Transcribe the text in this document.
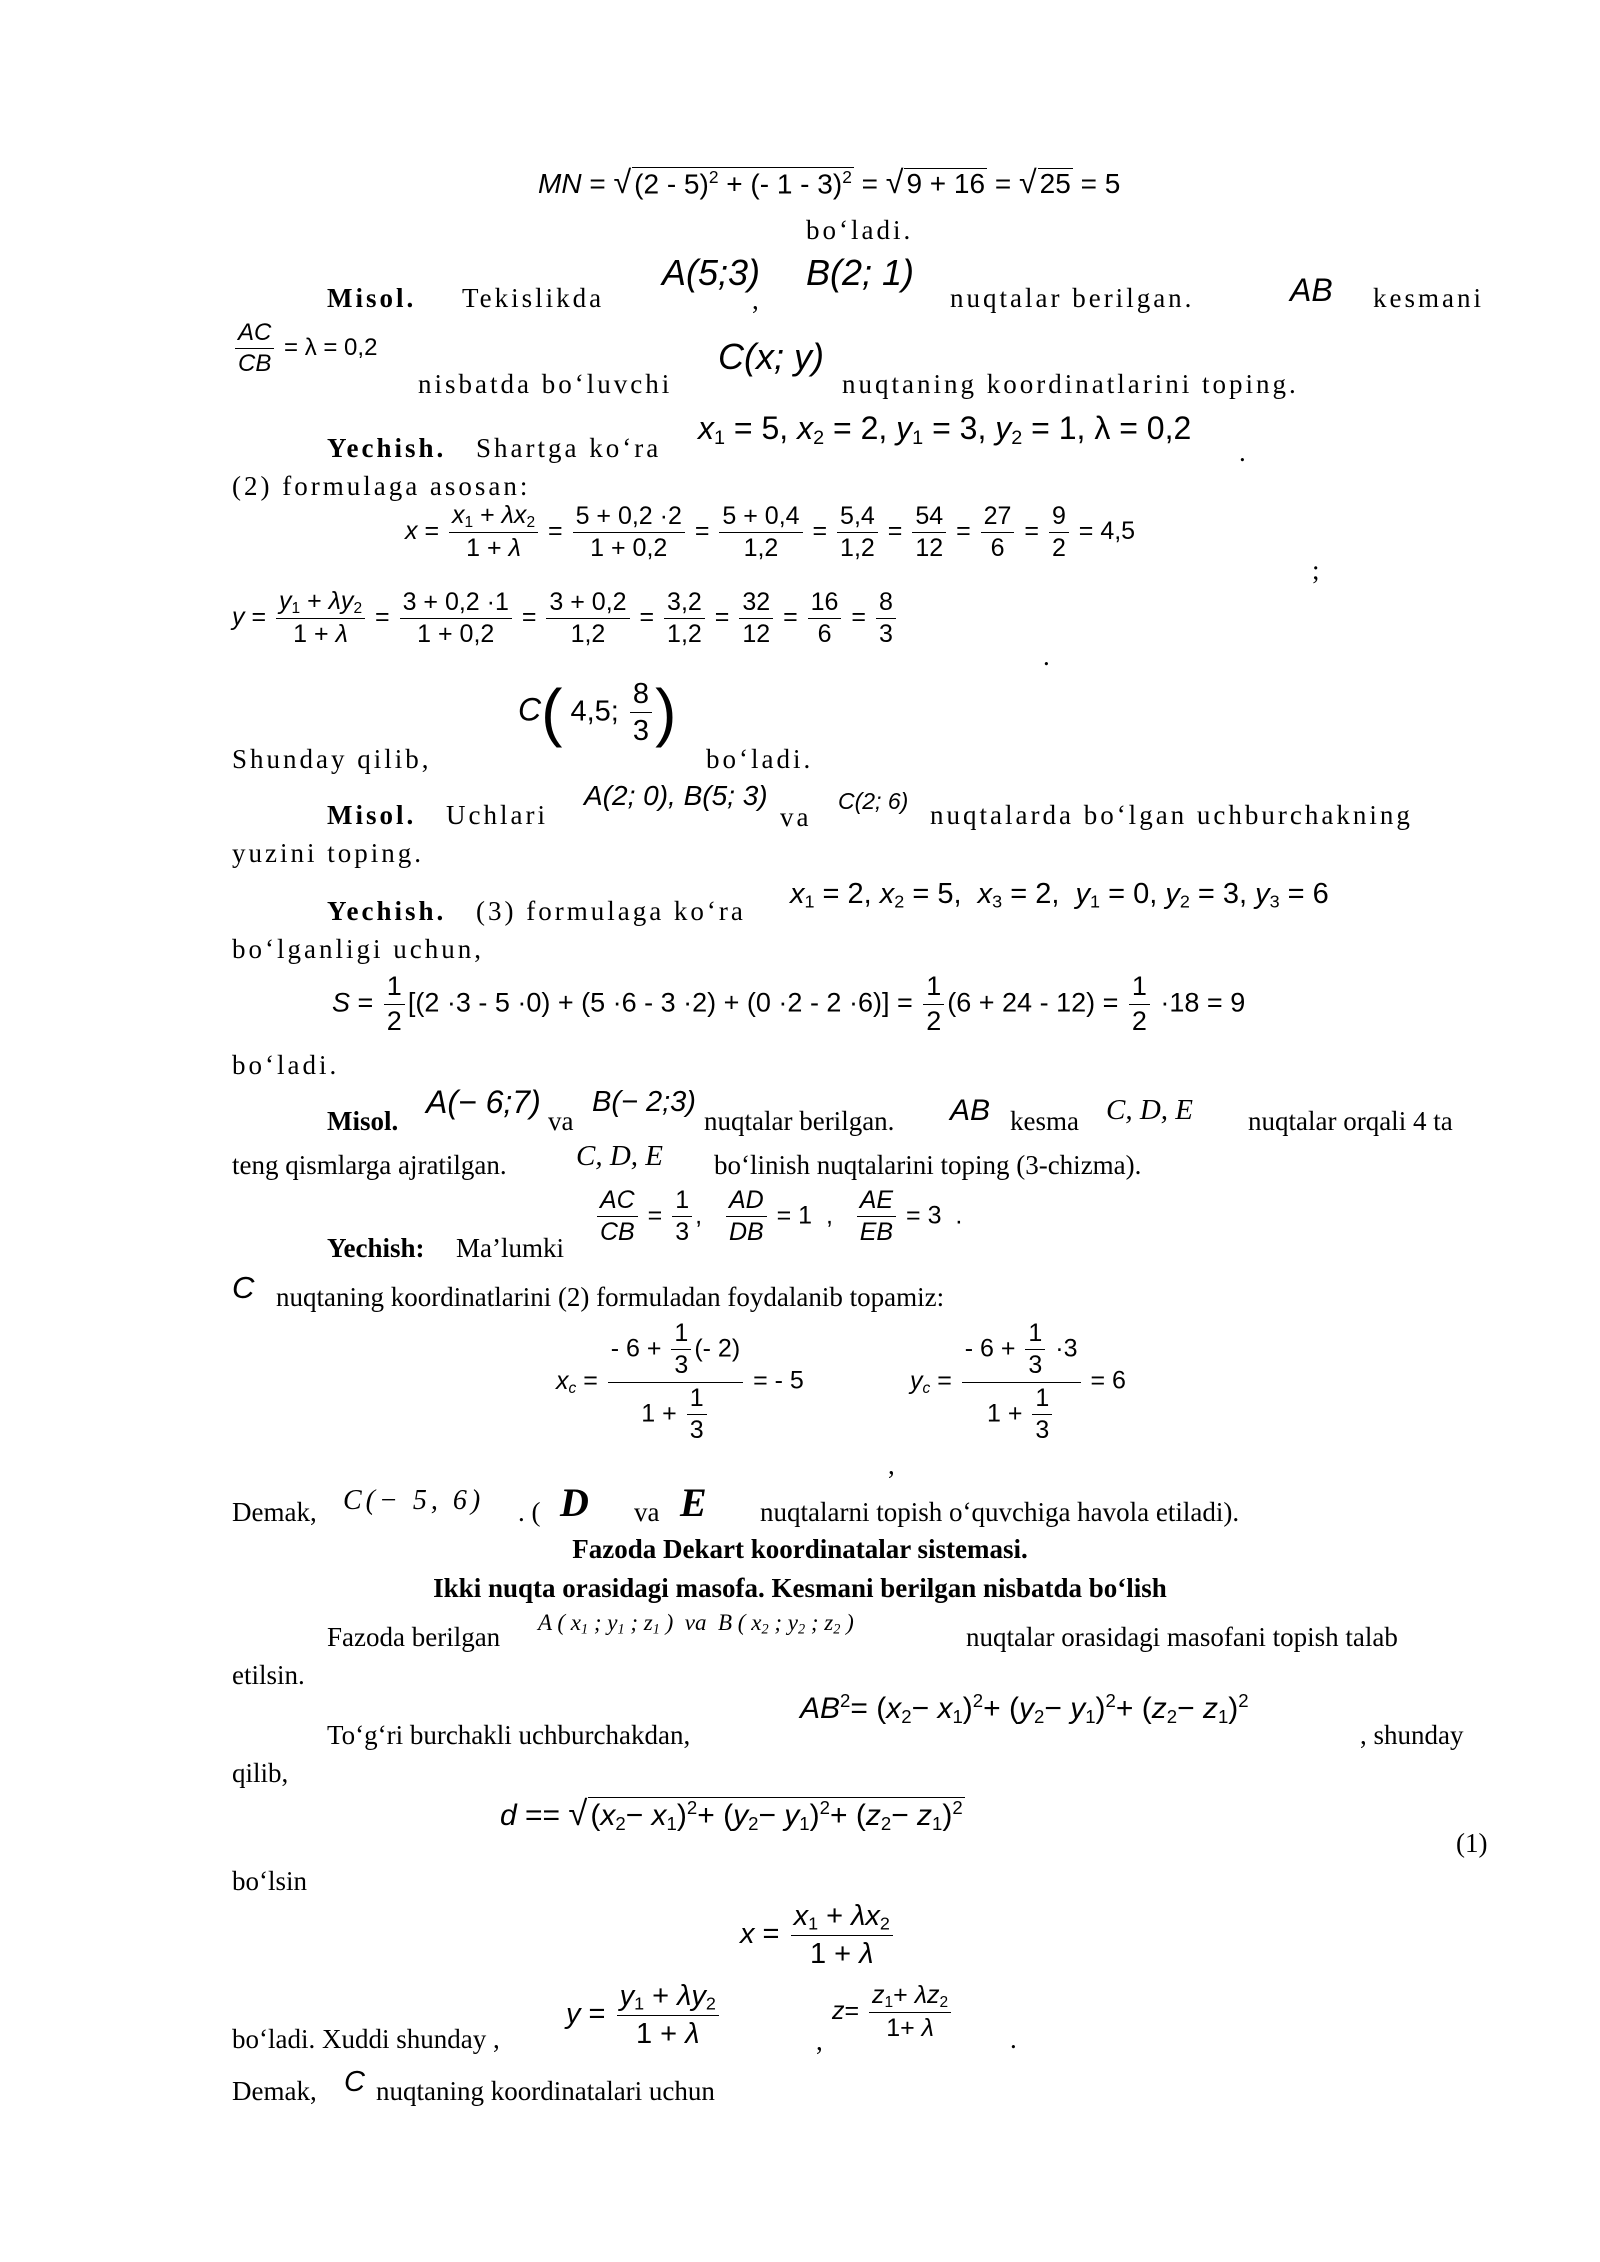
MN = √ (2 - 5)$^2$ + (- 1 - 3)$^2$ = √ 9 + 16 = √ 25 = 5
bo‘ladi.
Misol. Tekislikda
A(5;3)
,
B(2; 1)
nuqtalar berilgan.	AB kesmani
$\frac{AC}{CB} = \lambda = 0,2$
nisbatda bo‘luvchi
C(x; y)
nuqtaning koordinatlarini toping.
Yechish. Shartga ko‘ra
$x_1 = 5$, $x_2 = 2$, $y_1 = 3$, $y_2 = 1$, λ = 0,2
.
(2) formulaga asosan:
$x = \frac{x_1 + \lambda x_2}{1 + \lambda} = \frac{5 + 0,2 \cdot 2}{1 + 0,2} = \frac{5 + 0,4}{1,2} = \frac{5,4}{1,2} = \frac{54}{12} = \frac{27}{6} = \frac{9}{2} = 4,5$
;
$y = \frac{y_1 + \lambda y_2}{1 + \lambda} = \frac{3 + 0,2 \cdot 1}{1 + 0,2} = \frac{3 + 0,2}{1,2} = \frac{3,2}{1,2} = \frac{32}{12} = \frac{16}{6} = \frac{8}{3}$
.
Shunday qilib,
C( 4,5; $\frac{8}{3}$ )
bo‘ladi.
Misol. Uchlari
A(2; 0), B(5; 3)
va
C(2; 6) nuqtalarda bo‘lgan uchburchakning
yuzini toping.
Yechish. (3) formulaga ko‘ra
$x_1 = 2$, $x_2 = 5$,  $x_3 = 2$,  $y_1 = 0$, $y_2 = 3$, $y_3 = 6$
bo‘lganligi uchun,
$S = \frac{1}{2} [(2 \cdot 3 - 5 \cdot 0) + (5 \cdot 6 - 3 \cdot 2) + (0 \cdot 2 - 2 \cdot 6)] = \frac{1}{2} (6 + 24 - 12) = \frac{1}{2} \cdot 18 = 9$
bo‘ladi.
Misol.
A(− 6;7)
va
B(− 2;3)
nuqtalar berilgan. AB kesma C, D, E nuqtalar orqali 4 ta
teng qismlarga ajratilgan. C, D, E bo‘linish nuqtalarini toping (3-chizma).
Yechish: Ma’lumki $\frac{AC}{CB} = \frac{1}{3}$ , $\frac{AD}{DB} = 1$  , $\frac{AE}{EB} = 3$  .
C nuqtaning koordinatlarini (2) formuladan foydalanib topamiz:
$x_c = \frac{- 6 + \frac{1}{3} (- 2)}{1 + \frac{1}{3}}$ = - 5
,
$y_c = \frac{- 6 + \frac{1}{3} \cdot 3}{1 + \frac{1}{3}} = 6$
Demak, C(− 5, 6) . ( D va E nuqtalarni topish o‘quvchiga havola etiladi).
Fazoda Dekart koordinatalar sistemasi.
Ikki nuqta orasidagi masofa. Kesmani berilgan nisbatda bo‘lish
Fazoda berilgan A ( $x_1$ ; $y_1$ ; $z_1$ )  va  B ( $x_2$ ; $y_2$ ; $z_2$ )	nuqtalar orasidagi masofani topish talab
etilsin.
To‘g‘ri burchakli uchburchakdan,
$AB^2= (x_2- x_1)^2+ (y_2- y_1)^2+ (z_2- z_1)^2$
, shunday
qilib,
d == √ $(x_2- x_1)^2+ (y_2- y_1)^2+ (z_2- z_1)^2$
(1)
bo‘lsin
$x = \frac{x_1 + \lambda x_2}{1 + \lambda}$
bo‘ladi. Xuddi shunday ,
$y = \frac{y_1 + \lambda y_2}{1 + \lambda}$	,
$z= \frac{z_1+ \lambda z_2}{1+ \lambda}$ .
Demak, C nuqtaning koordinatalari uchun
